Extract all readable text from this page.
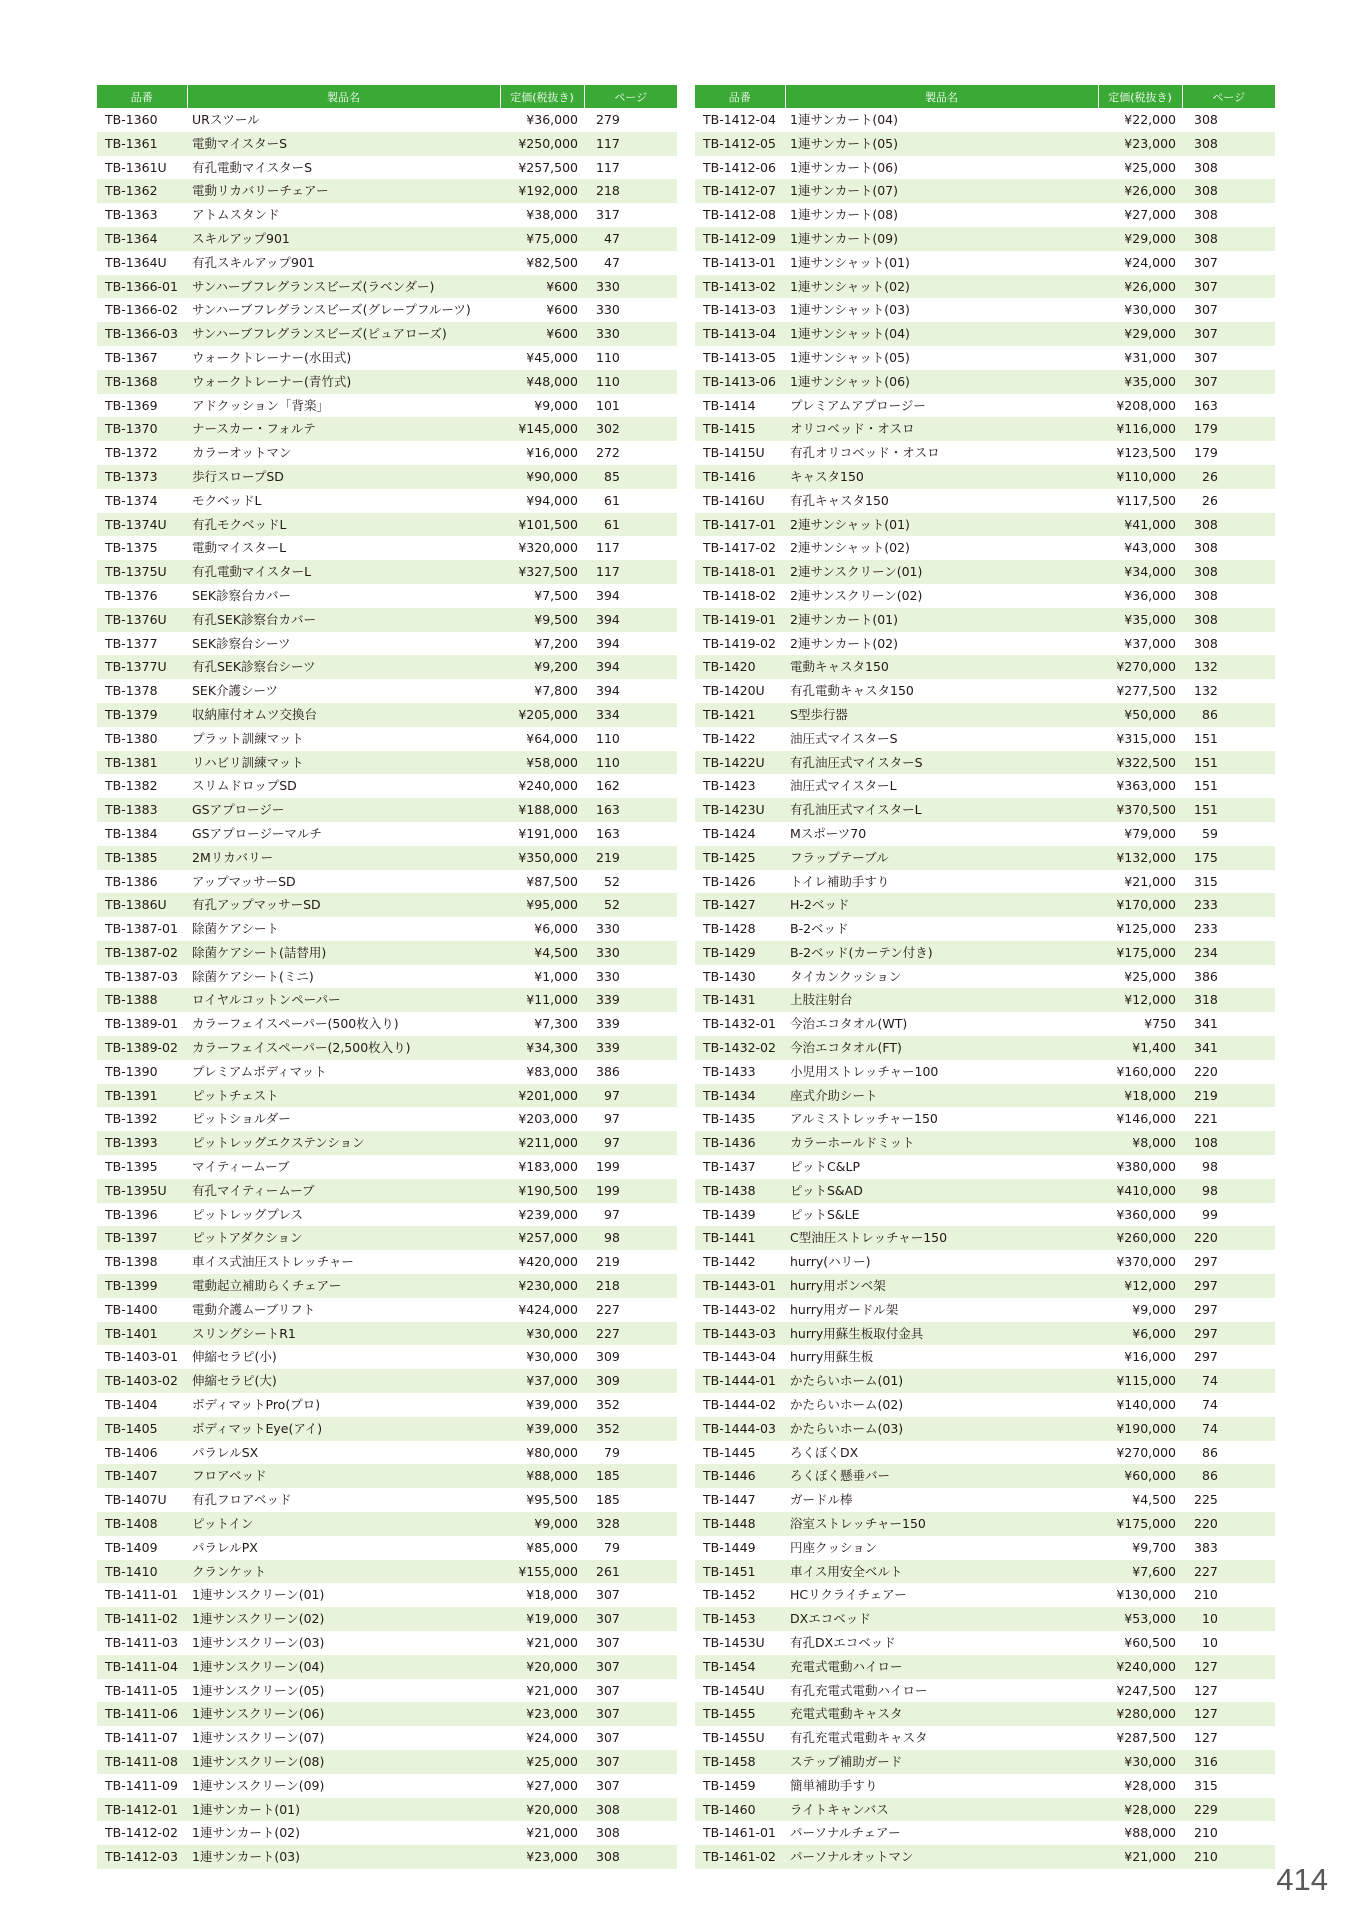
品番	製品名	定価(税抜き)	ページ
TB-1360	URスツール	¥36,000	279
TB-1361	電動マイスターS	¥250,000	117
TB-1361U	有孔電動マイスターS	¥257,500	117
TB-1362	電動リカバリーチェアー	¥192,000	218
TB-1363	アトムスタンド	¥38,000	317
TB-1364	スキルアップ901	¥75,000	47
TB-1364U	有孔スキルアップ901	¥82,500	47
TB-1366-01	サンハーブフレグランスビーズ(ラベンダー)	¥600	330
TB-1366-02	サンハーブフレグランスビーズ(グレープフルーツ)	¥600	330
TB-1366-03	サンハーブフレグランスビーズ(ピュアローズ)	¥600	330
TB-1367	ウォークトレーナー(水田式)	¥45,000	110
TB-1368	ウォークトレーナー(青竹式)	¥48,000	110
TB-1369	アドクッション「背楽」	¥9,000	101
TB-1370	ナースカー・フォルテ	¥145,000	302
TB-1372	カラーオットマン	¥16,000	272
TB-1373	歩行スロープSD	¥90,000	85
TB-1374	モクベッドL	¥94,000	61
TB-1374U	有孔モクベッドL	¥101,500	61
TB-1375	電動マイスターL	¥320,000	117
TB-1375U	有孔電動マイスターL	¥327,500	117
TB-1376	SEK診察台カバー	¥7,500	394
TB-1376U	有孔SEK診察台カバー	¥9,500	394
TB-1377	SEK診察台シーツ	¥7,200	394
TB-1377U	有孔SEK診察台シーツ	¥9,200	394
TB-1378	SEK介護シーツ	¥7,800	394
TB-1379	収納庫付オムツ交換台	¥205,000	334
TB-1380	プラット訓練マット	¥64,000	110
TB-1381	リハビリ訓練マット	¥58,000	110
TB-1382	スリムドロップSD	¥240,000	162
TB-1383	GSアプロージー	¥188,000	163
TB-1384	GSアプロージーマルチ	¥191,000	163
TB-1385	2Mリカバリー	¥350,000	219
TB-1386	アップマッサーSD	¥87,500	52
TB-1386U	有孔アップマッサーSD	¥95,000	52
TB-1387-01	除菌ケアシート	¥6,000	330
TB-1387-02	除菌ケアシート(詰替用)	¥4,500	330
TB-1387-03	除菌ケアシート(ミニ)	¥1,000	330
TB-1388	ロイヤルコットンペーパー	¥11,000	339
TB-1389-01	カラーフェイスペーパー(500枚入り)	¥7,300	339
TB-1389-02	カラーフェイスペーパー(2,500枚入り)	¥34,300	339
TB-1390	プレミアムボディマット	¥83,000	386
TB-1391	ピットチェスト	¥201,000	97
TB-1392	ピットショルダー	¥203,000	97
TB-1393	ピットレッグエクステンション	¥211,000	97
TB-1395	マイティームーブ	¥183,000	199
TB-1395U	有孔マイティームーブ	¥190,500	199
TB-1396	ピットレッグプレス	¥239,000	97
TB-1397	ピットアダクション	¥257,000	98
TB-1398	車イス式油圧ストレッチャー	¥420,000	219
TB-1399	電動起立補助らくチェアー	¥230,000	218
TB-1400	電動介護ムーブリフト	¥424,000	227
TB-1401	スリングシートR1	¥30,000	227
TB-1403-01	伸縮セラピ(小)	¥30,000	309
TB-1403-02	伸縮セラピ(大)	¥37,000	309
TB-1404	ボディマットPro(プロ)	¥39,000	352
TB-1405	ボディマットEye(アイ)	¥39,000	352
TB-1406	パラレルSX	¥80,000	79
TB-1407	フロアベッド	¥88,000	185
TB-1407U	有孔フロアベッド	¥95,500	185
TB-1408	ピットイン	¥9,000	328
TB-1409	パラレルPX	¥85,000	79
TB-1410	クランケット	¥155,000	261
TB-1411-01	1連サンスクリーン(01)	¥18,000	307
TB-1411-02	1連サンスクリーン(02)	¥19,000	307
TB-1411-03	1連サンスクリーン(03)	¥21,000	307
TB-1411-04	1連サンスクリーン(04)	¥20,000	307
TB-1411-05	1連サンスクリーン(05)	¥21,000	307
TB-1411-06	1連サンスクリーン(06)	¥23,000	307
TB-1411-07	1連サンスクリーン(07)	¥24,000	307
TB-1411-08	1連サンスクリーン(08)	¥25,000	307
TB-1411-09	1連サンスクリーン(09)	¥27,000	307
TB-1412-01	1連サンカート(01)	¥20,000	308
TB-1412-02	1連サンカート(02)	¥21,000	308
TB-1412-03	1連サンカート(03)	¥23,000	308
品番	製品名	定価(税抜き)	ページ
TB-1412-04	1連サンカート(04)	¥22,000	308
TB-1412-05	1連サンカート(05)	¥23,000	308
TB-1412-06	1連サンカート(06)	¥25,000	308
TB-1412-07	1連サンカート(07)	¥26,000	308
TB-1412-08	1連サンカート(08)	¥27,000	308
TB-1412-09	1連サンカート(09)	¥29,000	308
TB-1413-01	1連サンシャット(01)	¥24,000	307
TB-1413-02	1連サンシャット(02)	¥26,000	307
TB-1413-03	1連サンシャット(03)	¥30,000	307
TB-1413-04	1連サンシャット(04)	¥29,000	307
TB-1413-05	1連サンシャット(05)	¥31,000	307
TB-1413-06	1連サンシャット(06)	¥35,000	307
TB-1414	プレミアムアプロージー	¥208,000	163
TB-1415	オリコベッド・オスロ	¥116,000	179
TB-1415U	有孔オリコベッド・オスロ	¥123,500	179
TB-1416	キャスタ150	¥110,000	26
TB-1416U	有孔キャスタ150	¥117,500	26
TB-1417-01	2連サンシャット(01)	¥41,000	308
TB-1417-02	2連サンシャット(02)	¥43,000	308
TB-1418-01	2連サンスクリーン(01)	¥34,000	308
TB-1418-02	2連サンスクリーン(02)	¥36,000	308
TB-1419-01	2連サンカート(01)	¥35,000	308
TB-1419-02	2連サンカート(02)	¥37,000	308
TB-1420	電動キャスタ150	¥270,000	132
TB-1420U	有孔電動キャスタ150	¥277,500	132
TB-1421	S型歩行器	¥50,000	86
TB-1422	油圧式マイスターS	¥315,000	151
TB-1422U	有孔油圧式マイスターS	¥322,500	151
TB-1423	油圧式マイスターL	¥363,000	151
TB-1423U	有孔油圧式マイスターL	¥370,500	151
TB-1424	Mスポーツ70	¥79,000	59
TB-1425	フラップテーブル	¥132,000	175
TB-1426	トイレ補助手すり	¥21,000	315
TB-1427	H-2ベッド	¥170,000	233
TB-1428	B-2ベッド	¥125,000	233
TB-1429	B-2ベッド(カーテン付き)	¥175,000	234
TB-1430	タイカンクッション	¥25,000	386
TB-1431	上肢注射台	¥12,000	318
TB-1432-01	今治エコタオル(WT)	¥750	341
TB-1432-02	今治エコタオル(FT)	¥1,400	341
TB-1433	小児用ストレッチャー100	¥160,000	220
TB-1434	座式介助シート	¥18,000	219
TB-1435	アルミストレッチャー150	¥146,000	221
TB-1436	カラーホールドミット	¥8,000	108
TB-1437	ピットC&LP	¥380,000	98
TB-1438	ピットS&AD	¥410,000	98
TB-1439	ピットS&LE	¥360,000	99
TB-1441	C型油圧ストレッチャー150	¥260,000	220
TB-1442	hurry(ハリー)	¥370,000	297
TB-1443-01	hurry用ボンベ架	¥12,000	297
TB-1443-02	hurry用ガードル架	¥9,000	297
TB-1443-03	hurry用蘇生板取付金具	¥6,000	297
TB-1443-04	hurry用蘇生板	¥16,000	297
TB-1444-01	かたらいホーム(01)	¥115,000	74
TB-1444-02	かたらいホーム(02)	¥140,000	74
TB-1444-03	かたらいホーム(03)	¥190,000	74
TB-1445	ろくぼくDX	¥270,000	86
TB-1446	ろくぼく懸垂バー	¥60,000	86
TB-1447	ガードル棒	¥4,500	225
TB-1448	浴室ストレッチャー150	¥175,000	220
TB-1449	円座クッション	¥9,700	383
TB-1451	車イス用安全ベルト	¥7,600	227
TB-1452	HCリクライチェアー	¥130,000	210
TB-1453	DXエコベッド	¥53,000	10
TB-1453U	有孔DXエコベッド	¥60,500	10
TB-1454	充電式電動ハイロー	¥240,000	127
TB-1454U	有孔充電式電動ハイロー	¥247,500	127
TB-1455	充電式電動キャスタ	¥280,000	127
TB-1455U	有孔充電式電動キャスタ	¥287,500	127
TB-1458	ステップ補助ガード	¥30,000	316
TB-1459	簡単補助手すり	¥28,000	315
TB-1460	ライトキャンバス	¥28,000	229
TB-1461-01	パーソナルチェアー	¥88,000	210
TB-1461-02	パーソナルオットマン	¥21,000	210
414
